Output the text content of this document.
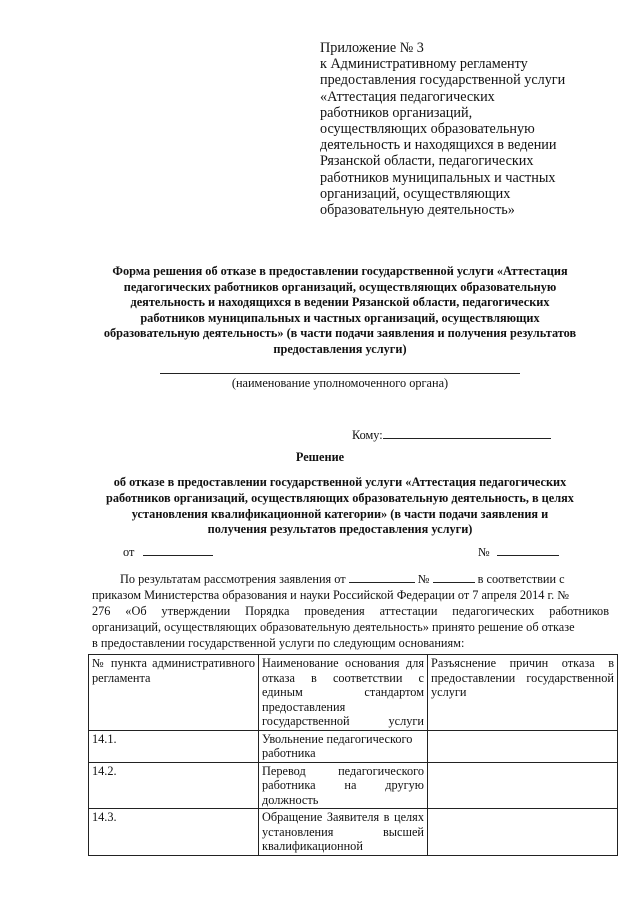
Приложение № 3
к Административному регламенту
предоставления государственной услуги
«Аттестация педагогических
работников организаций,
осуществляющих образовательную
деятельность и находящихся в ведении
Рязанской области, педагогических
работников муниципальных и частных
организаций, осуществляющих
образовательную деятельность»
Форма решения об отказе в предоставлении государственной услуги «Аттестация
педагогических работников организаций, осуществляющих образовательную
деятельность и находящихся в ведении Рязанской области, педагогических
работников муниципальных и частных организаций, осуществляющих
образовательную деятельность» (в части подачи заявления и получения результатов
предоставления услуги)
(наименование уполномоченного органа)
Кому:
Решение
об отказе в предоставлении государственной услуги «Аттестация педагогических
работников организаций, осуществляющих образовательную деятельность, в целях
установления квалификационной категории» (в части подачи заявления и
получения результатов предоставления услуги)
от	№
По результатам рассмотрения заявления от	№	в соответствии с
приказом Министерства образования и науки Российской Федерации от 7 апреля 2014 г. №
276 «Об утверждении Порядка проведения аттестации педагогических работников
организаций, осуществляющих образовательную деятельность» принято решение об отказе
в предоставлении государственной услуги по следующим основаниям:
№ пункта административного регламента	Наименование основания для отказа в соответствии с единым стандартом предоставления государственной услуги	Разъяснение причин отказа в предоставлении государственной услуги
14.1.	Увольнение педагогического работника	
14.2.	Перевод педагогического работника на другую должность	
14.3.	Обращение Заявителя в целях установления высшей квалификационной	
